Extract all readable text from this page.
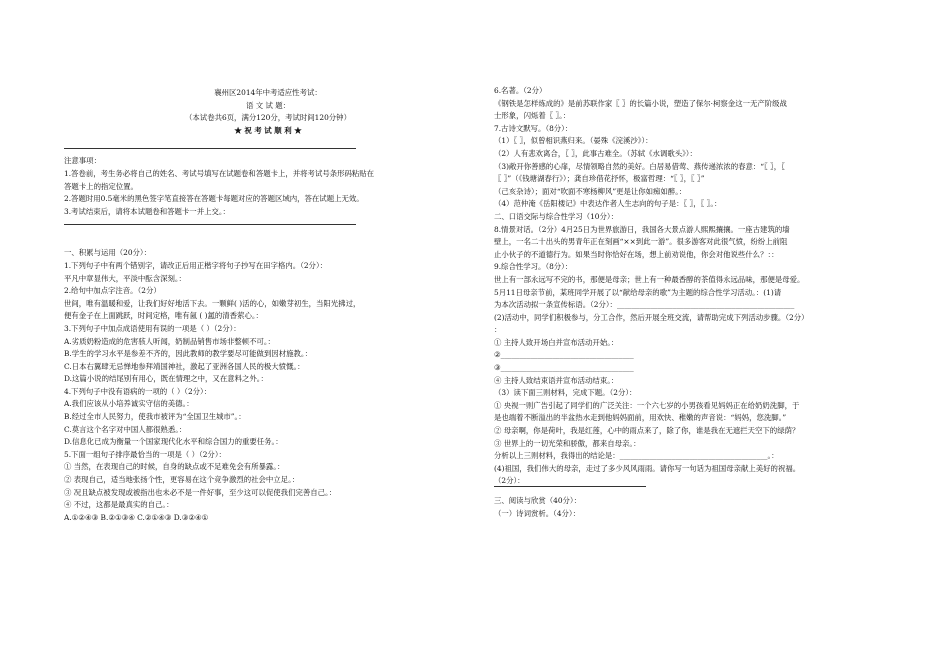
襄州区2014年中考适应性考试：
语 文 试 题：
（本试卷共6页，满分120分，考试时间120分钟）
★ 祝 考 试 顺 利 ★
注意事项：
1.答卷前，考生务必将自己的姓名、考试号填写在试题卷和答题卡上，并将考试号条形码粘贴在
答题卡上的指定位置。
2.答题时用0.5毫米的黑色签字笔直接答在答题卡每题对应的答题区域内，答在试题上无效。
3.考试结束后，请将本试题卷和答题卡一并上交。：
一、积累与运用（20分）：
1.下列句子中有两个错别字，请改正后用正楷字将句子抄写在田字格内。（2分）：
平凡中章显伟大，平淡中酝含深刻。：
2.给句中加点字注音。（2分）
世间，唯有温暖和爱，让我们好好地活下去。一颗鲜( )活的心，如嫩芽初生，当阳光拂过，
便有金子在上面跳跃，时间定格，唯有氤 ( )氲的清香萦心。：
3.下列句子中加点成语使用有误的一项是（ ）（2分）：
A.劣质奶粉造成的危害骇人听闻，奶制品销售市场非整顿不可。：
B.学生的学习水平是参差不齐的，因此教师的教学要尽可能做到因材施教。：
C.日本右翼肆无忌惮地参拜靖国神社，激起了亚洲各国人民的极大愤慨。：
D.这篇小说的结尾别有用心，既在情理之中，又在意料之外。：
4.下列句子中没有语病的一项的（ ）（2分）：
A.我们应该从小培养诚实守信的美德。：
B.经过全市人民努力，使我市被评为“全国卫生城市”。：
C.莫言这个名字对中国人都很熟悉。：
D.信息化已成为衡量一个国家现代化水平和综合国力的重要任务。：
5.下面一组句子排序最恰当的一项是（ ）（2分）：
① 当然，在表现自己的时候，自身的缺点或不足难免会有所暴露。：
② 表现自己，适当地张扬个性，更容易在这个竞争激烈的社会中立足。：
③ 况且缺点被发现或被指出也未必不是一件好事，至少这可以促使我们完善自己。：
④ 不过，这都是最真实的自己。：
A.①②④③ B.②①③④ C.②①④③ D.③②④①
6.名著。（2分）
《钢铁是怎样炼成的》是前苏联作家〖 〗的长篇小说，塑造了保尔·柯察金这一无产阶级战
士形象，闪烁着〖 〗。：
7.古诗文默写。（8分）：
（1）〖 〗，似曾相识燕归来。（晏殊《浣溪沙》）：
（2）人有悲欢离合，〖 〗，此事古难全。（苏轼《水调歌头》）：
（3)敞开你善感的心扉，尽情领略自然的美好。白居易借莺、燕传递浓浓的春意：“〖 〗，〖
〖 〗”（《钱塘湖春行》）；龚自珍借花抒怀，极富哲理：“〖 〗，〖 〗”
（己亥杂诗）；面对“吹面不寒杨柳风”更是让你如痴如醉。：
（4）范仲淹《岳阳楼记》中表达作者人生志向的句子是：〖 〗，〖 〗。：
二、口语交际与综合性学习（10分）：
8.情景对话。（2分）4月25日为世界旅游日，我国各大景点游人熙熙攘攘。一座古建筑的墙
壁上，一名二十出头的男青年正在刻画“××到此一游”。很多游客对此很气愤，纷纷上前阻
止小伙子的不道德行为。如果当时你恰好在场，想上前劝说他，你会对他说些什么？：：
9.综合性学习。（8分）：
世上有一部永远写不完的书，那便是母亲；世上有一种最香醇的茶值得永远品味，那便是母爱。
5月11日母亲节前，某班同学开展了以“献给母亲的歌”为主题的综合性学习活动。：(1)请
为本次活动拟一条宣传标语。（2分）：________________________________________________
(2)活动中，同学们积极参与，分工合作，然后开展全班交流，请帮助完成下列活动步骤。（2分）
：
① 主持人致开场白并宣布活动开始。：
②____________________________________
③____________________________________
④ 主持人致结束语并宣布活动结束。：
（3）读下面三则材料，完成下题。（2分）：
① 央视一则广告引起了同学们的广泛关注：一个六七岁的小男孩看见妈妈正在给奶奶洗脚，于
是也端着不断溢出的半盆热水走到他妈妈面前，用欢快、稚嫩的声音说：“妈妈，您洗脚。”
② 母亲啊，你是荷叶，我是红莲，心中的雨点来了，除了你，谁是我在无遮拦天空下的绿荫？
③ 世界上的一切光荣和骄傲，都来自母亲。：
分析以上三则材料，我得出的结论是：________________________________________。：
(4)祖国，我们伟大的母亲，走过了多少风风雨雨。请你写一句话为祖国母亲献上美好的祝福。
（2分）：
三、阅读与欣赏（40分）：
（一）诗词赏析。（4分）：
